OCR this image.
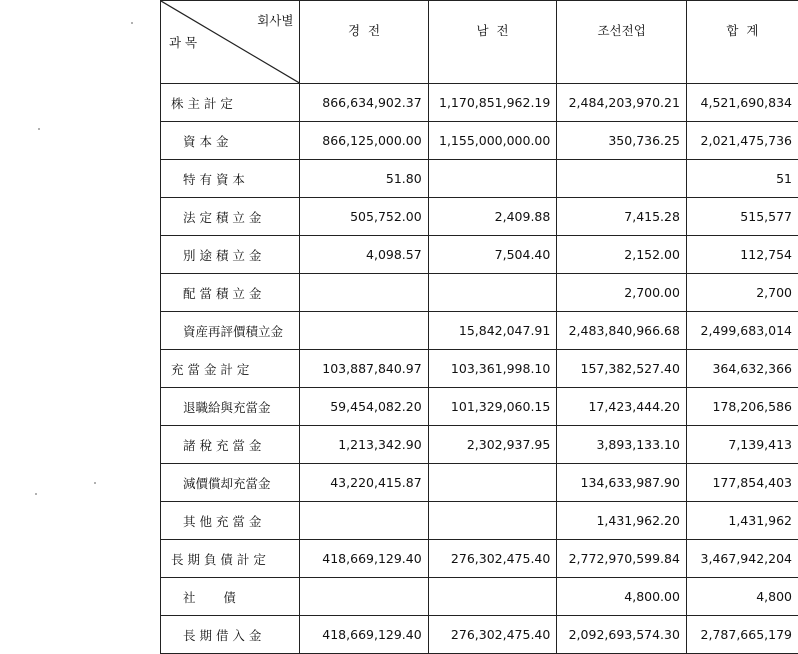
회사별
과 목	경  전	남  전	조선전업	합  계
株 主 計 定	866,634,902.37	1,170,851,962.19	2,484,203,970.21	4,521,690,834
資 本 金	866,125,000.00	1,155,000,000.00	350,736.25	2,021,475,736
特 有 資 本	51.80			51
法 定 積 立 金	505,752.00	2,409.88	7,415.28	515,577
別 途 積 立 金	4,098.57	7,504.40	2,152.00	112,754
配 當 積 立 金			2,700.00	2,700
資産再評價積立金		15,842,047.91	2,483,840,966.68	2,499,683,014
充 當 金 計 定	103,887,840.97	103,361,998.10	157,382,527.40	364,632,366
退職給與充當金	59,454,082.20	101,329,060.15	17,423,444.20	178,206,586
諸 稅 充 當 金	1,213,342.90	2,302,937.95	3,893,133.10	7,139,413
減價償却充當金	43,220,415.87		134,633,987.90	177,854,403
其 他 充 當 金			1,431,962.20	1,431,962
長 期 負 債 計 定	418,669,129.40	276,302,475.40	2,772,970,599.84	3,467,942,204
社       債			4,800.00	4,800
長 期 借 入 金	418,669,129.40	276,302,475.40	2,092,693,574.30	2,787,665,179
